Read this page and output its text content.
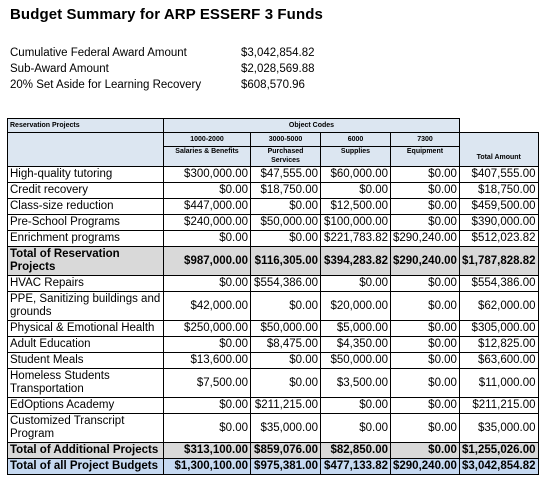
Budget Summary for ARP ESSERF 3 Funds
Cumulative Federal Award Amount	$3,042,854.82
Sub-Award Amount	$2,028,569.88
20% Set Aside for Learning Recovery	$608,570.96
Reservation Projects	Object Codes				
	1000-2000	3000-5000	6000	7300	Total Amount
	Salaries & Benefits	Purchased Services	Supplies	Equipment	
High-quality tutoring	$300,000.00	$47,555.00	$60,000.00	$0.00	$407,555.00
Credit recovery	$0.00	$18,750.00	$0.00	$0.00	$18,750.00
Class-size reduction	$447,000.00	$0.00	$12,500.00	$0.00	$459,500.00
Pre-School Programs	$240,000.00	$50,000.00	$100,000.00	$0.00	$390,000.00
Enrichment programs	$0.00	$0.00	$221,783.82	$290,240.00	$512,023.82
Total of Reservation Projects	$987,000.00	$116,305.00	$394,283.82	$290,240.00	$1,787,828.82
HVAC Repairs	$0.00	$554,386.00	$0.00	$0.00	$554,386.00
PPE, Sanitizing buildings and grounds	$42,000.00	$0.00	$20,000.00	$0.00	$62,000.00
Physical & Emotional Health	$250,000.00	$50,000.00	$5,000.00	$0.00	$305,000.00
Adult Education	$0.00	$8,475.00	$4,350.00	$0.00	$12,825.00
Student Meals	$13,600.00	$0.00	$50,000.00	$0.00	$63,600.00
Homeless Students Transportation	$7,500.00	$0.00	$3,500.00	$0.00	$11,000.00
EdOptions Academy	$0.00	$211,215.00	$0.00	$0.00	$211,215.00
Customized Transcript Program	$0.00	$35,000.00	$0.00	$0.00	$35,000.00
Total of Additional Projects	$313,100.00	$859,076.00	$82,850.00	$0.00	$1,255,026.00
Total of all Project Budgets	$1,300,100.00	$975,381.00	$477,133.82	$290,240.00	$3,042,854.82
